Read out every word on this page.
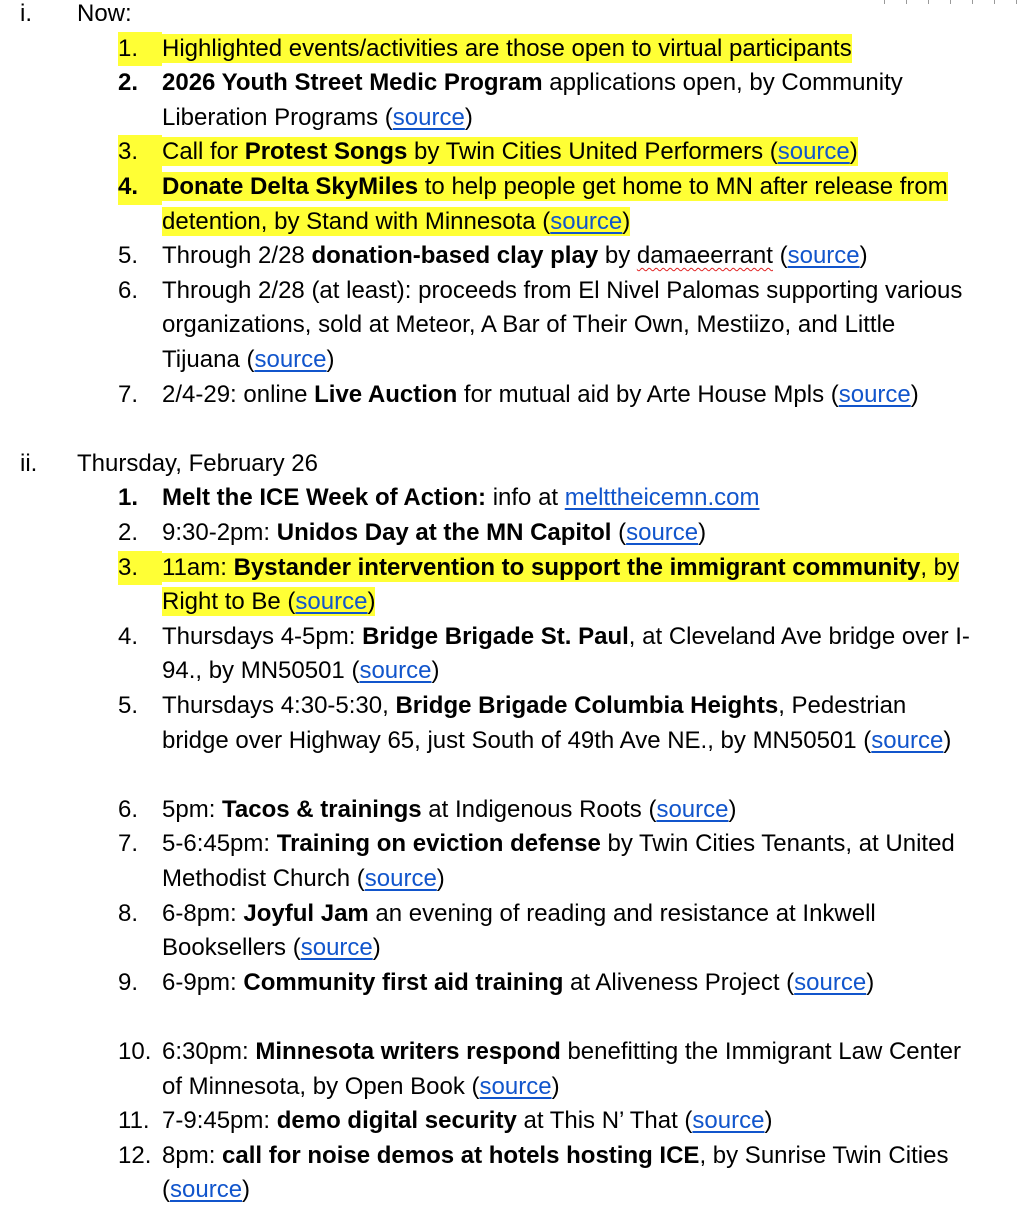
i. Now:
1. Highlighted events/activities are those open to virtual participants
2. 2026 Youth Street Medic Program applications open, by Community Liberation Programs (source)
3. Call for Protest Songs by Twin Cities United Performers (source)
4. Donate Delta SkyMiles to help people get home to MN after release from detention, by Stand with Minnesota (source)
5. Through 2/28 donation-based clay play by damaeerrant (source)
6. Through 2/28 (at least): proceeds from El Nivel Palomas supporting various organizations, sold at Meteor, A Bar of Their Own, Mestiizo, and Little Tijuana (source)
7. 2/4-29: online Live Auction for mutual aid by Arte House Mpls (source)
ii. Thursday, February 26
1. Melt the ICE Week of Action: info at melttheicemn.com
2. 9:30-2pm: Unidos Day at the MN Capitol (source)
3. 11am: Bystander intervention to support the immigrant community, by Right to Be (source)
4. Thursdays 4-5pm: Bridge Brigade St. Paul, at Cleveland Ave bridge over I-94., by MN50501 (source)
5. Thursdays 4:30-5:30, Bridge Brigade Columbia Heights, Pedestrian bridge over Highway 65, just South of 49th Ave NE., by MN50501 (source)
6. 5pm: Tacos & trainings at Indigenous Roots (source)
7. 5-6:45pm: Training on eviction defense by Twin Cities Tenants, at United Methodist Church (source)
8. 6-8pm: Joyful Jam an evening of reading and resistance at Inkwell Booksellers (source)
9. 6-9pm: Community first aid training at Aliveness Project (source)
10. 6:30pm: Minnesota writers respond benefitting the Immigrant Law Center of Minnesota, by Open Book (source)
11. 7-9:45pm: demo digital security at This N’ That (source)
12. 8pm: call for noise demos at hotels hosting ICE, by Sunrise Twin Cities (source)
